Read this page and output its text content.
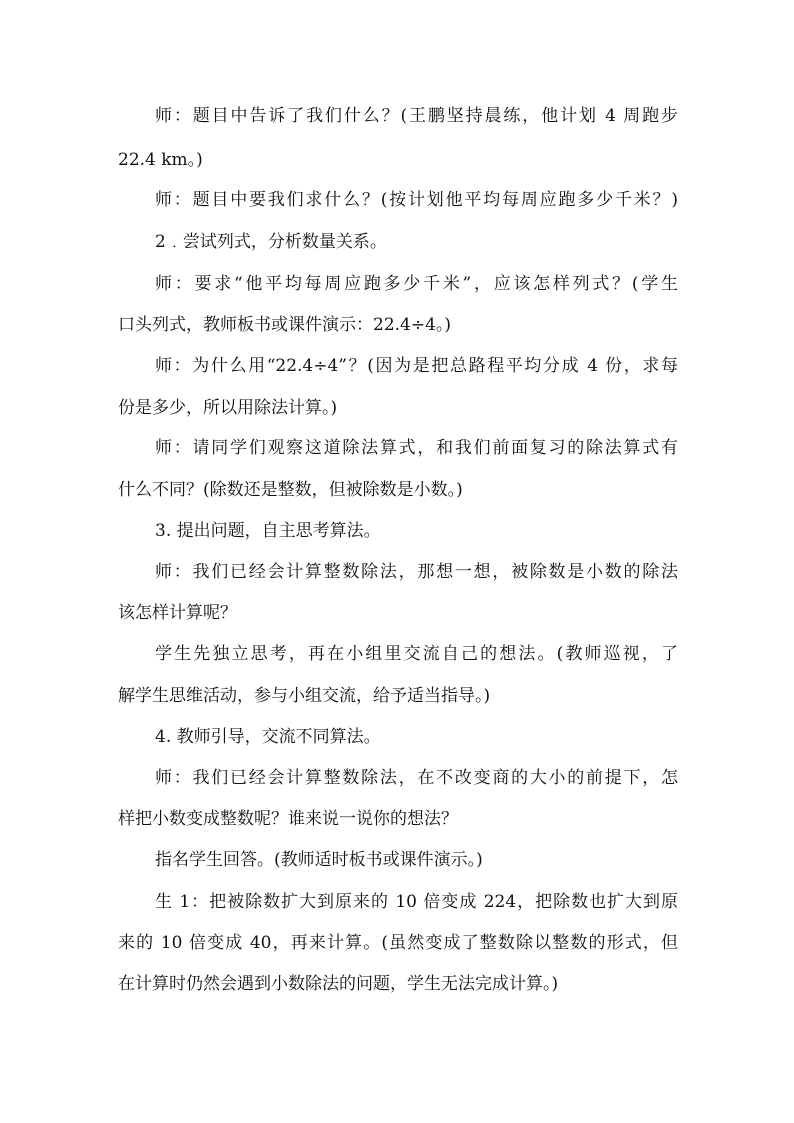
师：题目中告诉了我们什么？(王鹏坚持晨练，他计划 4 周跑步
22.4 km。)
师：题目中要我们求什么？(按计划他平均每周应跑多少千米？)
2﹒尝试列式，分析数量关系。
师：要求“他平均每周应跑多少千米”，应该怎样列式？(学生
口头列式，教师板书或课件演示：22.4÷4。)
师：为什么用“22.4÷4”？(因为是把总路程平均分成 4 份，求每
份是多少，所以用除法计算。)
师：请同学们观察这道除法算式，和我们前面复习的除法算式有
什么不同？(除数还是整数，但被除数是小数。)
3. 提出问题，自主思考算法。
师：我们已经会计算整数除法，那想一想，被除数是小数的除法
该怎样计算呢？
学生先独立思考，再在小组里交流自己的想法。(教师巡视，了
解学生思维活动，参与小组交流，给予适当指导。)
4. 教师引导，交流不同算法。
师：我们已经会计算整数除法，在不改变商的大小的前提下，怎
样把小数变成整数呢？谁来说一说你的想法？
指名学生回答。(教师适时板书或课件演示。)
生 1：把被除数扩大到原来的 10 倍变成 224，把除数也扩大到原
来的 10 倍变成 40，再来计算。(虽然变成了整数除以整数的形式，但
在计算时仍然会遇到小数除法的问题，学生无法完成计算。)
